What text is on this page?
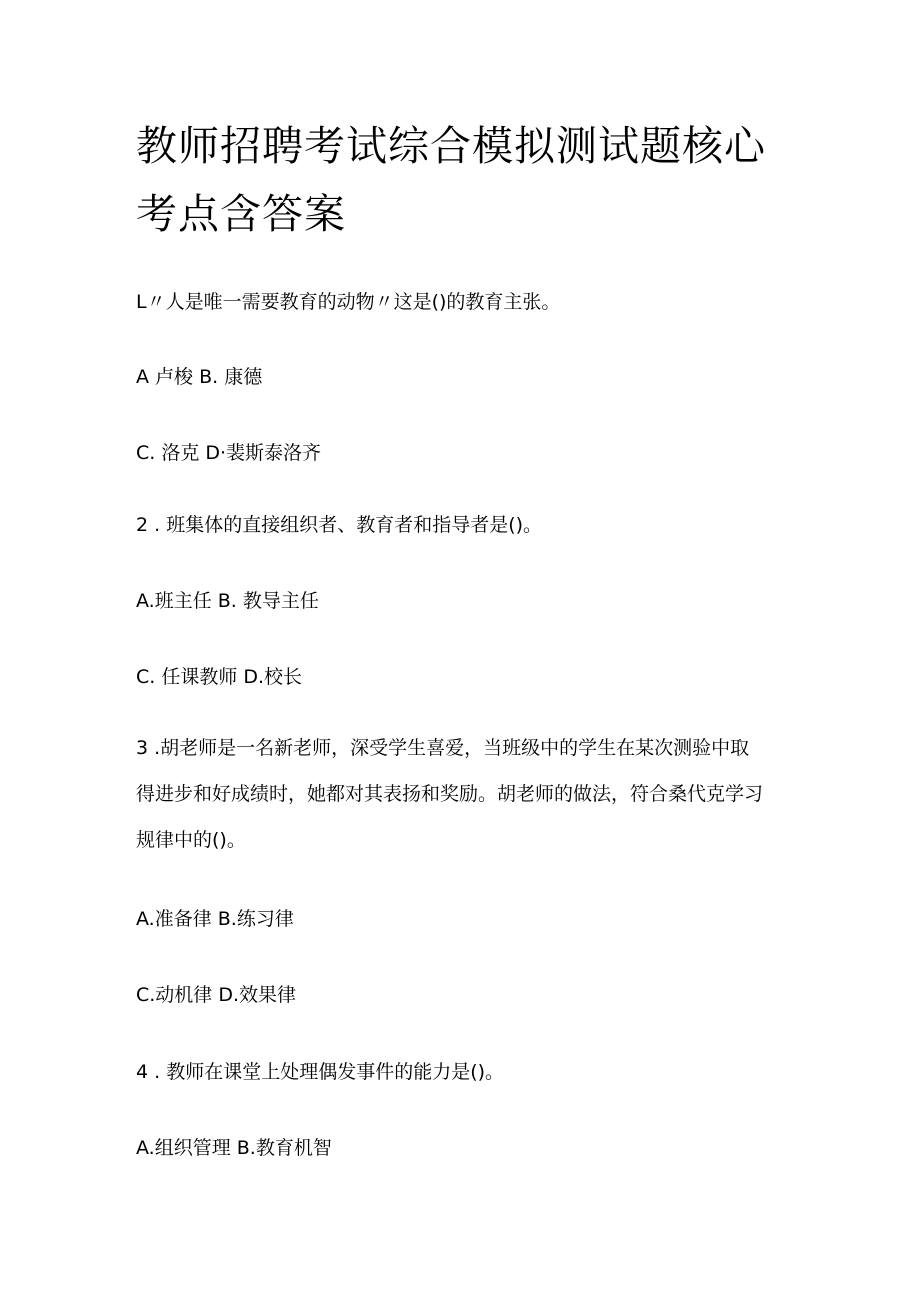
教师招聘考试综合模拟测试题核心
考点含答案

L〃人是唯一需要教育的动物〃这是()的教育主张。

A 卢梭 B. 康德

C. 洛克 D·裴斯泰洛齐

2 . 班集体的直接组织者、教育者和指导者是()。

A.班主任 B. 教导主任

C. 任课教师 D.校长

3 .胡老师是一名新老师，深受学生喜爱，当班级中的学生在某次测验中取
得进步和好成绩时，她都对其表扬和奖励。胡老师的做法，符合桑代克学习
规律中的()。

A.准备律 B.练习律

C.动机律 D.效果律

4 . 教师在课堂上处理偶发事件的能力是()。

A.组织管理 B.教育机智
